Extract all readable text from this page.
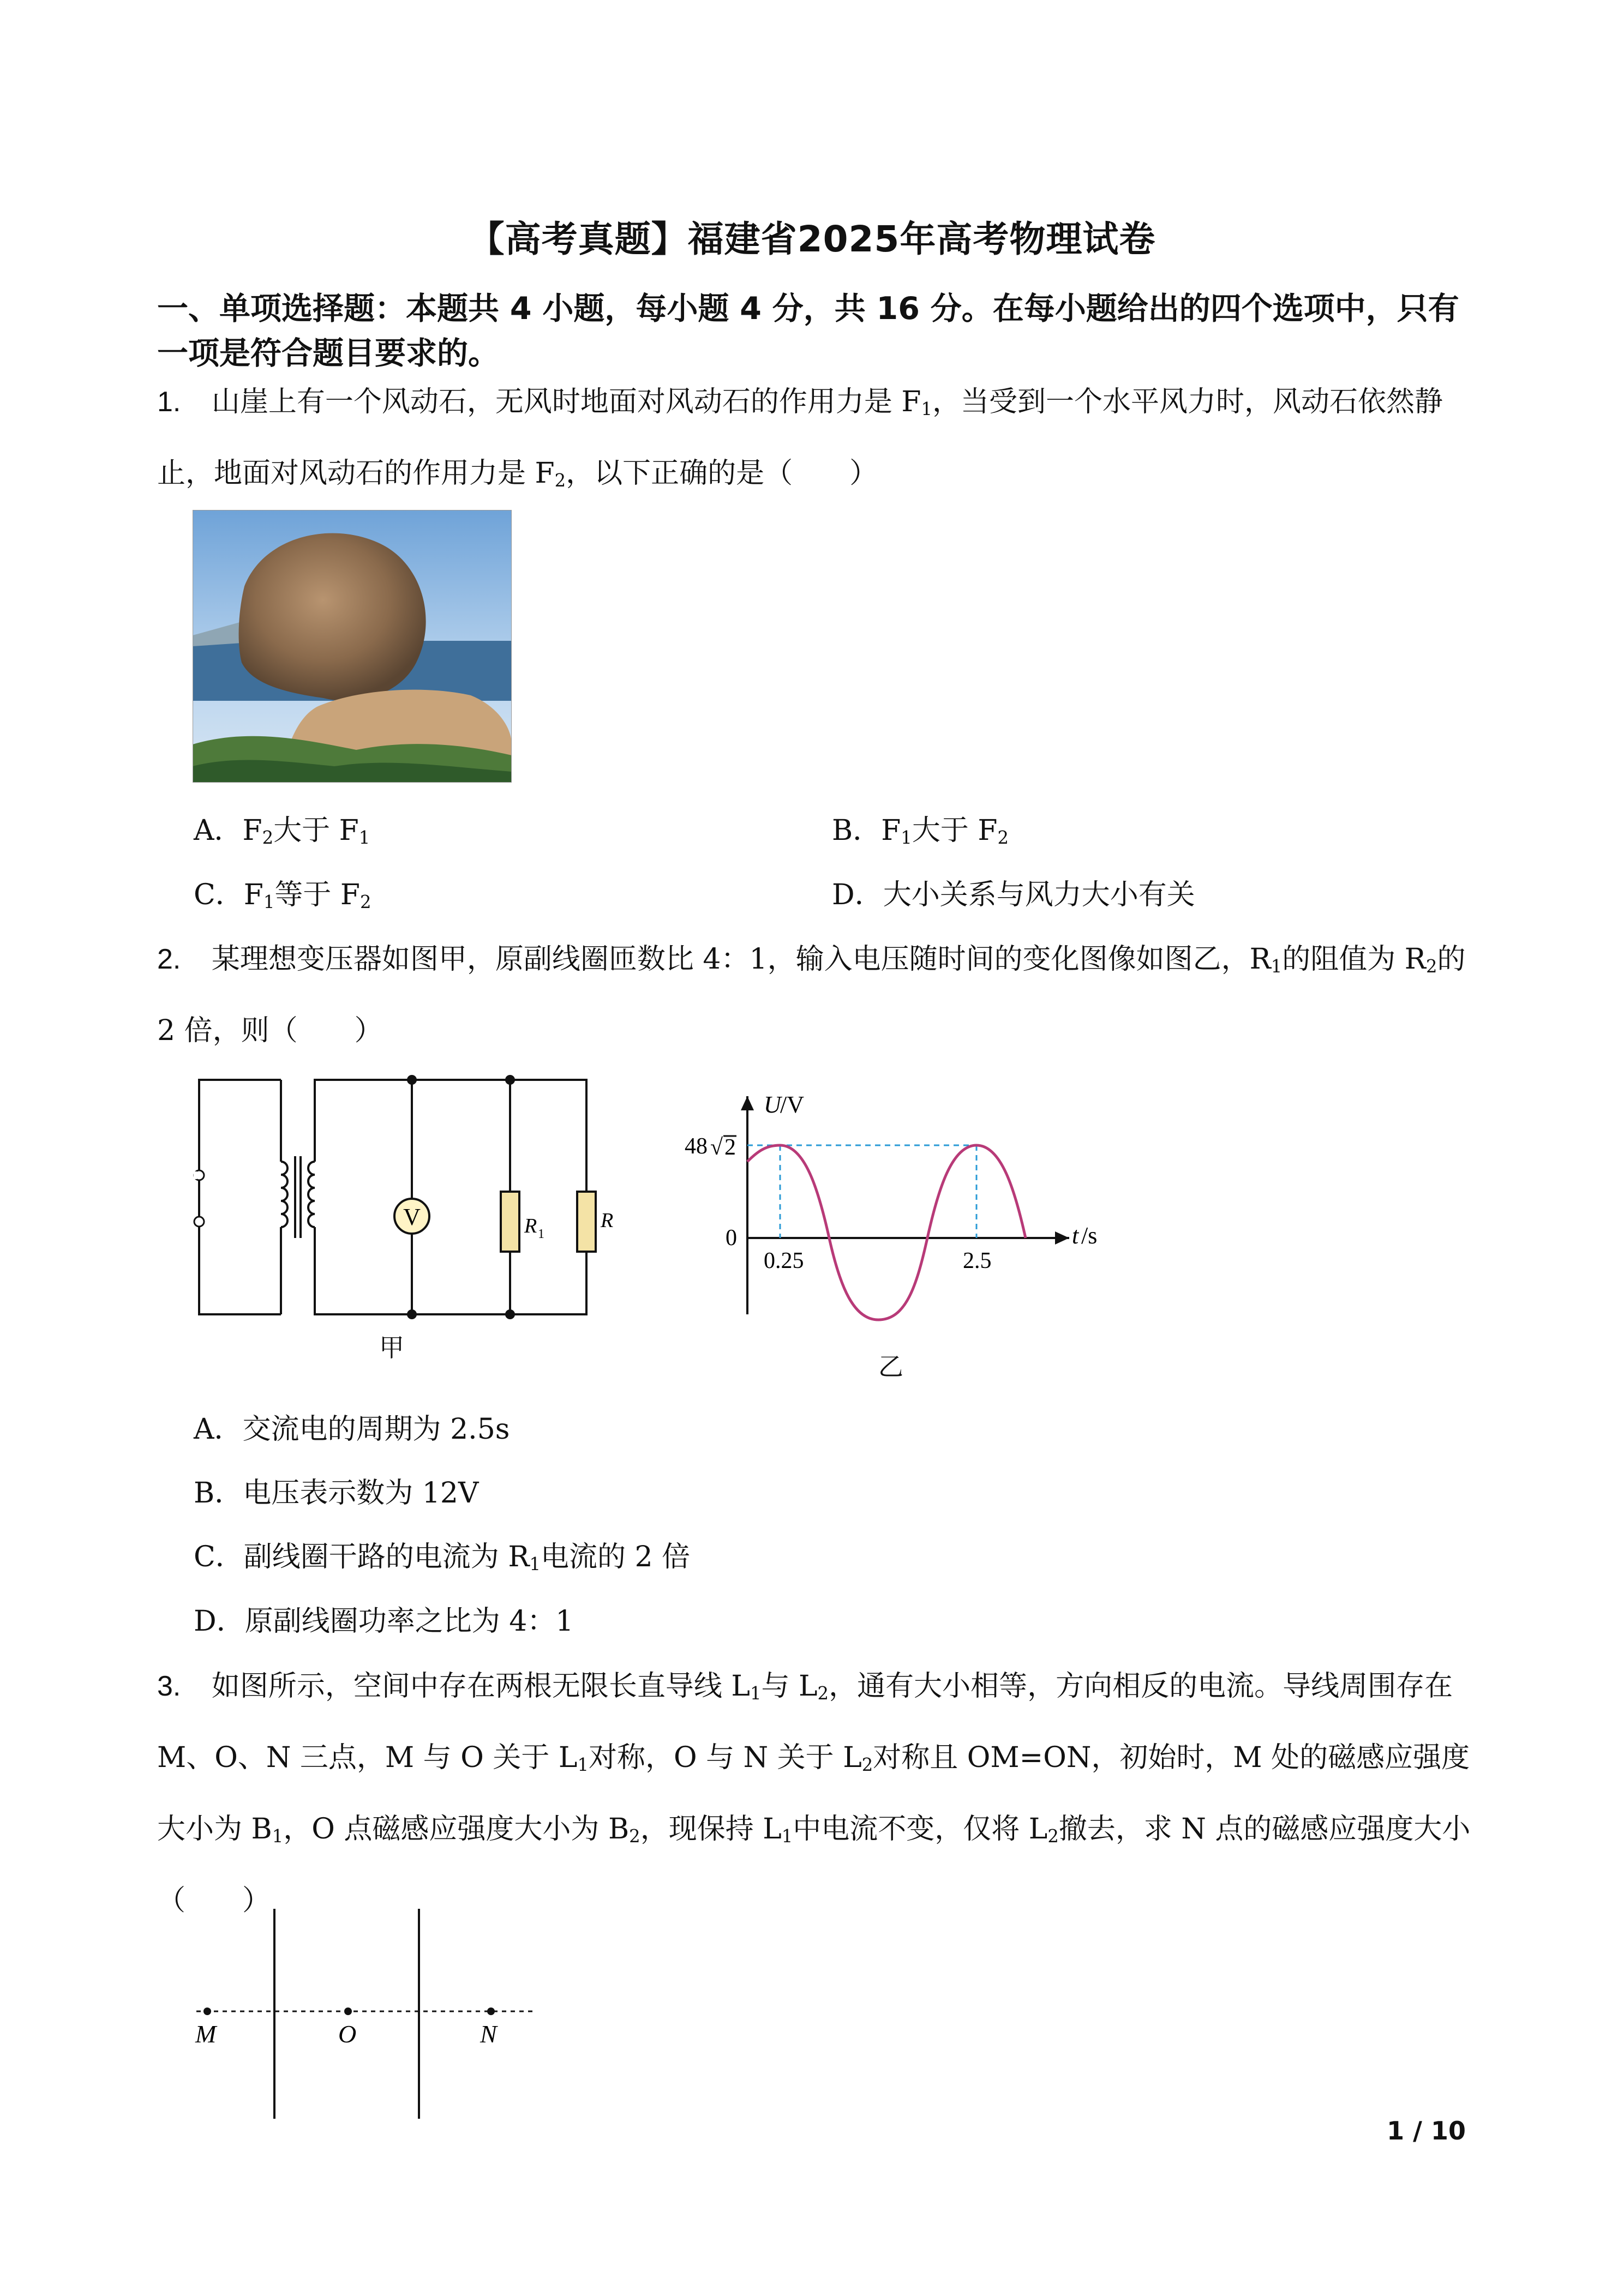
【高考真题】福建省2025年高考物理试卷
一、单项选择题：本题共 4 小题，每小题 4 分，共 16 分。在每小题给出的四个选项中，只有一项是符合题目要求的。
1. 山崖上有一个风动石，无风时地面对风动石的作用力是 $F_1$，当受到一个水平风力时，风动石依然静止，地面对风动石的作用力是 $F_2$，以下正确的是（　　）
A．$F_2$大于 $F_1$	B．$F_1$大于 $F_2$
C．$F_1$等于 $F_2$	D．大小关系与风力大小有关
2. 某理想变压器如图甲，原副线圈匝数比 4：1，输入电压随时间的变化图像如图乙，$R_1$的阻值为 $R_2$的 2 倍，则（　　）
V	R 1
R
甲
U
/V
48 √ 2
0
0.25	2.5
t /s
乙
A．交流电的周期为 2.5s
B．电压表示数为 12V
C．副线圈干路的电流为 $R_1$电流的 2 倍
D．原副线圈功率之比为 4：1
3. 如图所示，空间中存在两根无限长直导线 $L_1$与 $L_2$，通有大小相等，方向相反的电流。导线周围存在 M、O、N 三点，M 与 O 关于 $L_1$对称，O 与 N 关于 $L_2$对称且 OM=ON，初始时，M 处的磁感应强度大小为 $B_1$，O 点磁感应强度大小为 $B_2$，现保持 $L_1$中电流不变，仅将 $L_2$撤去，求 N 点的磁感应强度大小（　　）
M	O	N
1 / 10
